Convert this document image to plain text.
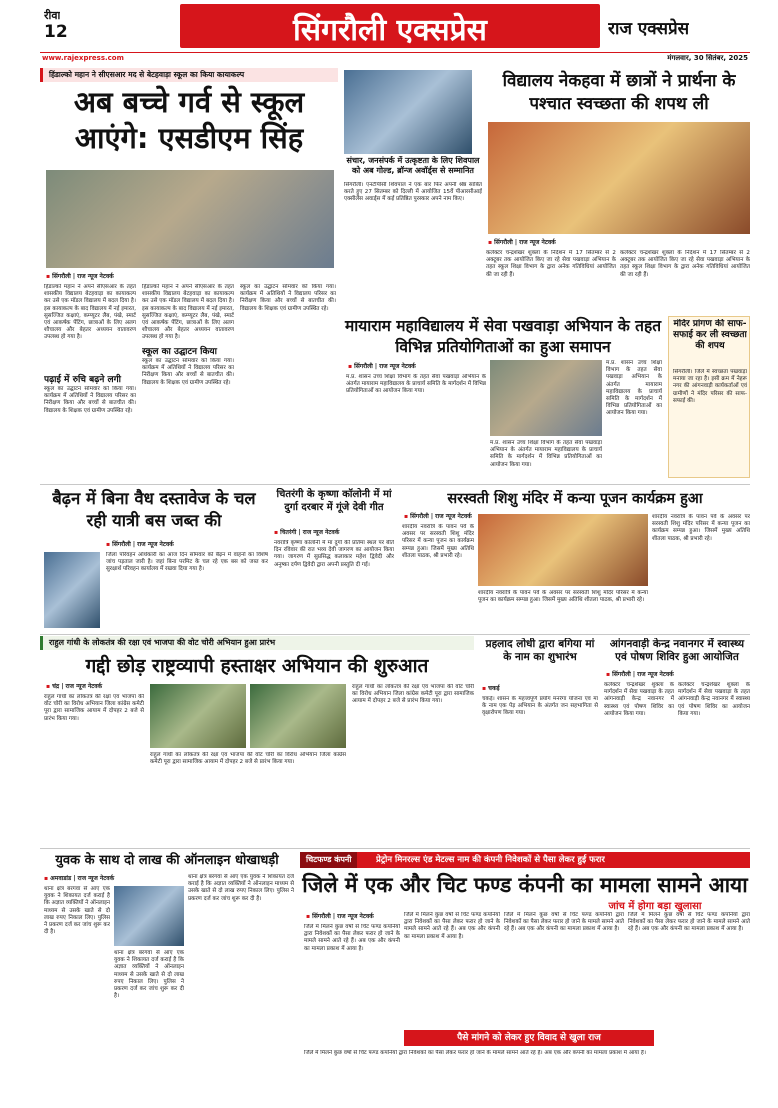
रीवा
12	सिंगरौली एक्सप्रेस	राज एक्सप्रेस
www.rajexpress.com	मंगलवार, 30 सितंबर, 2025
हिंडाल्को महान ने सीएसआर मद से बेटहवाड़ा स्कूल का किया कायाकल्प
अब बच्चे गर्व से स्कूल आएंगे: एसडीएम सिंह
▪ सिंगरौली | राज न्यूज नेटवर्क
हिंडाल्को महान ने अपने सीएसआर के तहत शासकीय विद्यालय बेटहवाड़ा का कायाकल्प कर उसे एक मॉडल विद्यालय में बदल दिया है। इस कायाकल्प के बाद विद्यालय में नई इमारत, सुसज्जित कक्षाएं, कम्प्यूटर लैब, पंखे, स्मार्ट एवं आकर्षक पेंटिंग, छात्राओं के लिए अलग शौचालय और बेहतर अध्ययन वातावरण उपलब्ध हो गया है।
पढ़ाई में रुचि बढ़ने लगी
स्कूल का उद्घाटन सोमवार को किया गया। कार्यक्रम में अतिथियों ने विद्यालय परिसर का निरीक्षण किया और बच्चों से बातचीत की। विद्यालय के शिक्षक एवं ग्रामीण उपस्थित रहे।
हिंडाल्को महान ने अपने सीएसआर के तहत शासकीय विद्यालय बेटहवाड़ा का कायाकल्प कर उसे एक मॉडल विद्यालय में बदल दिया है। इस कायाकल्प के बाद विद्यालय में नई इमारत, सुसज्जित कक्षाएं, कम्प्यूटर लैब, पंखे, स्मार्ट एवं आकर्षक पेंटिंग, छात्राओं के लिए अलग शौचालय और बेहतर अध्ययन वातावरण उपलब्ध हो गया है।
स्कूल का उद्घाटन किया
स्कूल का उद्घाटन सोमवार को किया गया। कार्यक्रम में अतिथियों ने विद्यालय परिसर का निरीक्षण किया और बच्चों से बातचीत की। विद्यालय के शिक्षक एवं ग्रामीण उपस्थित रहे।
स्कूल का उद्घाटन सोमवार को किया गया। कार्यक्रम में अतिथियों ने विद्यालय परिसर का निरीक्षण किया और बच्चों से बातचीत की। विद्यालय के शिक्षक एवं ग्रामीण उपस्थित रहे।
संचार, जनसंपर्क में उत्कृष्टता के लिए शिवपाल को अब गोल्ड, ब्रॉन्ज अवॉर्ड्स से सम्मानित
सिंगरौली। एनटीपीसी शिवपाल ने एक बार फिर अपनी श्रेष्ठ साबित करते हुए 27 सितम्बर को दिल्ली में आयोजित 15वें पीआरसीआई एक्सीलेंस अवार्ड्स में कई प्रतिष्ठित पुरस्कार अपने नाम किए।
विद्यालय नेकहवा में छात्रों ने प्रार्थना के पश्चात स्वच्छता की शपथ ली
▪ सिंगरौली | राज न्यूज नेटवर्क
कलेक्टर चन्द्रशेखर शुक्ला के निर्देशन में 17 सितम्बर से 2 अक्टूबर तक आयोजित किए जा रहे सेवा पखवाड़ा अभियान के तहत स्कूल शिक्षा विभाग के द्वारा अनेक गतिविधियां आयोजित की जा रही हैं।
कलेक्टर चन्द्रशेखर शुक्ला के निर्देशन में 17 सितम्बर से 2 अक्टूबर तक आयोजित किए जा रहे सेवा पखवाड़ा अभियान के तहत स्कूल शिक्षा विभाग के द्वारा अनेक गतिविधियां आयोजित की जा रही हैं।
मायाराम महाविद्यालय में सेवा पखवाड़ा अभियान के तहत विभिन्न प्रतियोगिताओं का हुआ समापन
▪ सिंगरौली | राज न्यूज नेटवर्क
म.प्र. शासन उच्च शिक्षा विभाग के तहत सेवा पखवाड़ा अभियान के अंतर्गत मायाराम महाविद्यालय के प्राचार्य समिति के मार्गदर्शन में विभिन्न प्रतियोगिताओं का आयोजन किया गया।
म.प्र. शासन उच्च शिक्षा विभाग के तहत सेवा पखवाड़ा अभियान के अंतर्गत मायाराम महाविद्यालय के प्राचार्य समिति के मार्गदर्शन में विभिन्न प्रतियोगिताओं का आयोजन किया गया।
म.प्र. शासन उच्च शिक्षा विभाग के तहत सेवा पखवाड़ा अभियान के अंतर्गत मायाराम महाविद्यालय के प्राचार्य समिति के मार्गदर्शन में विभिन्न प्रतियोगिताओं का आयोजन किया गया।
मंदिर प्रांगण की साफ-सफाई कर ली स्वच्छता की शपथ
सिंगरौली। जिले में स्वच्छता पखवाड़ा मनाया जा रहा है। इसी क्रम में नेहरू नगर की आंगनवाड़ी कार्यकर्ताओं एवं ग्रामीणों ने मंदिर परिसर की साफ-सफाई की।
बैढ़न में बिना वैध दस्तावेज के चल रही यात्री बस जब्त की
▪ सिंगरौली | राज न्यूज नेटवर्क
जिला परिवहन अधिकारी का आज दिन सोमवार को बैढ़न में वाहनों का विशेष जांच पड़ताल जारी है। जहां बिना परमिट के चल रहे एक बस को जब्त कर सुरक्षार्थ परिवहन कार्यालय में रखवा दिया गया है।
चितरंगी के कृष्णा कॉलोनी में मां दुर्गा दरबार में गूंजे देवी गीत
▪ चितरंगी | राज न्यूज नेटवर्क
नवरात्रि कृष्णा कॉलोनी में मां दुर्गा की प्रतिमा स्थल पर बीते दिन रविवार की रात भव्य देवी जागरण का आयोजन किया गया। जागरण में सुप्रसिद्ध कलाकार महेश द्विवेदी और अनुष्का दर्पण द्विवेदी द्वारा अपनी प्रस्तुति दी गई।
सरस्वती शिशु मंदिर में कन्या पूजन कार्यक्रम हुआ
▪ सिंगरौली | राज न्यूज नेटवर्क
शारदीय नवरात्रि के पावन पर्व के अवसर पर सरस्वती शिशु मंदिर परिसर में कन्या पूजन का कार्यक्रम सम्पन्न हुआ। जिसमें मुख्य अतिथि शीतला पाठक, श्री प्रभारी रहे।
शारदीय नवरात्रि के पावन पर्व के अवसर पर सरस्वती शिशु मंदिर परिसर में कन्या पूजन का कार्यक्रम सम्पन्न हुआ। जिसमें मुख्य अतिथि शीतला पाठक, श्री प्रभारी रहे।
शारदीय नवरात्रि के पावन पर्व के अवसर पर सरस्वती शिशु मंदिर परिसर में कन्या पूजन का कार्यक्रम सम्पन्न हुआ। जिसमें मुख्य अतिथि शीतला पाठक, श्री प्रभारी रहे।
राहुल गांधी के लोकतंत्र की रक्षा एवं भाजपा की वोट चोरी अभियान हुआ प्रारंभ
गद्दी छोड़ राष्ट्रव्यापी हस्ताक्षर अभियान की शुरुआत
▪ चंद्र | राज न्यूज नेटवर्क
राहुल गांधी का लोकतंत्र की रक्षा एवं भाजपा की वोट चोरी का विरोध अभियान जिला कांग्रेस कमेटी पूरा द्वारा सामाजिक आयाम में दोपहर 2 बजे से प्रारंभ किया गया।
राहुल गांधी का लोकतंत्र की रक्षा एवं भाजपा की वोट चोरी का विरोध अभियान जिला कांग्रेस कमेटी पूरा द्वारा सामाजिक आयाम में दोपहर 2 बजे से प्रारंभ किया गया।
राहुल गांधी का लोकतंत्र की रक्षा एवं भाजपा की वोट चोरी का विरोध अभियान जिला कांग्रेस कमेटी पूरा द्वारा सामाजिक आयाम में दोपहर 2 बजे से प्रारंभ किया गया।
प्रहलाद लोधी द्वारा बगिया मां के नाम का शुभारंभ
▪ चकई
चकई। शासन के महत्त्वपूर्ण प्रयोग मनरेगा योजना एवं मां के नाम एक पेड़ अभियान के अंतर्गत जन सहभागिता से वृक्षारोपण किया गया।
आंगनवाड़ी केन्द्र नवानगर में स्वास्थ्य एवं पोषण शिविर हुआ आयोजित
▪ सिंगरौली | राज न्यूज नेटवर्क
कलेक्टर चन्द्रशेखर शुक्ला के मार्गदर्शन में सेवा पखवाड़ा के तहत आंगनवाड़ी केन्द्र नवानगर में स्वास्थ्य एवं पोषण शिविर का आयोजन किया गया।
कलेक्टर चन्द्रशेखर शुक्ला के मार्गदर्शन में सेवा पखवाड़ा के तहत आंगनवाड़ी केन्द्र नवानगर में स्वास्थ्य एवं पोषण शिविर का आयोजन किया गया।
युवक के साथ दो लाख की ऑनलाइन धोखाधड़ी
▪ अमवाडांड | राज न्यूज नेटवर्क
थाना क्षेत्र बरगवां से आए एक युवक ने शिकायत दर्ज कराई है कि अज्ञात व्यक्तियों ने ऑनलाइन माध्यम से उसके खाते से दो लाख रुपए निकाल लिए। पुलिस ने प्रकरण दर्ज कर जांच शुरू कर दी है।
थाना क्षेत्र बरगवां से आए एक युवक ने शिकायत दर्ज कराई है कि अज्ञात व्यक्तियों ने ऑनलाइन माध्यम से उसके खाते से दो लाख रुपए निकाल लिए। पुलिस ने प्रकरण दर्ज कर जांच शुरू कर दी है।
थाना क्षेत्र बरगवां से आए एक युवक ने शिकायत दर्ज कराई है कि अज्ञात व्यक्तियों ने ऑनलाइन माध्यम से उसके खाते से दो लाख रुपए निकाल लिए। पुलिस ने प्रकरण दर्ज कर जांच शुरू कर दी है।
चिटफण्ड कंपनी	प्रेट्रोन मिनरल्स एंड मेटल्स नाम की कंपनी निवेशकों से पैसा लेकर हुई फरार
जिले में एक और चिट फण्ड कंपनी का मामला सामने आया
जांच में होगा बड़ा खुलासा
▪ सिंगरौली | राज न्यूज नेटवर्क
जिले में मिलने कुछ वर्षों से चिट फण्ड कंपनियों द्वारा निवेशकों का पैसा लेकर फरार हो जाने के मामले सामने आते रहे हैं। अब एक और कंपनी का मामला प्रकाश में आया है।
जिले में मिलने कुछ वर्षों से चिट फण्ड कंपनियों द्वारा निवेशकों का पैसा लेकर फरार हो जाने के मामले सामने आते रहे हैं। अब एक और कंपनी का मामला प्रकाश में आया है।
जिले में मिलने कुछ वर्षों से चिट फण्ड कंपनियों द्वारा निवेशकों का पैसा लेकर फरार हो जाने के मामले सामने आते रहे हैं। अब एक और कंपनी का मामला प्रकाश में आया है।
जिले में मिलने कुछ वर्षों से चिट फण्ड कंपनियों द्वारा निवेशकों का पैसा लेकर फरार हो जाने के मामले सामने आते रहे हैं। अब एक और कंपनी का मामला प्रकाश में आया है।
पैसे मांगने को लेकर हुए विवाद से खुला राज
जिले में मिलने कुछ वर्षों से चिट फण्ड कंपनियों द्वारा निवेशकों का पैसा लेकर फरार हो जाने के मामले सामने आते रहे हैं। अब एक और कंपनी का मामला प्रकाश में आया है।
